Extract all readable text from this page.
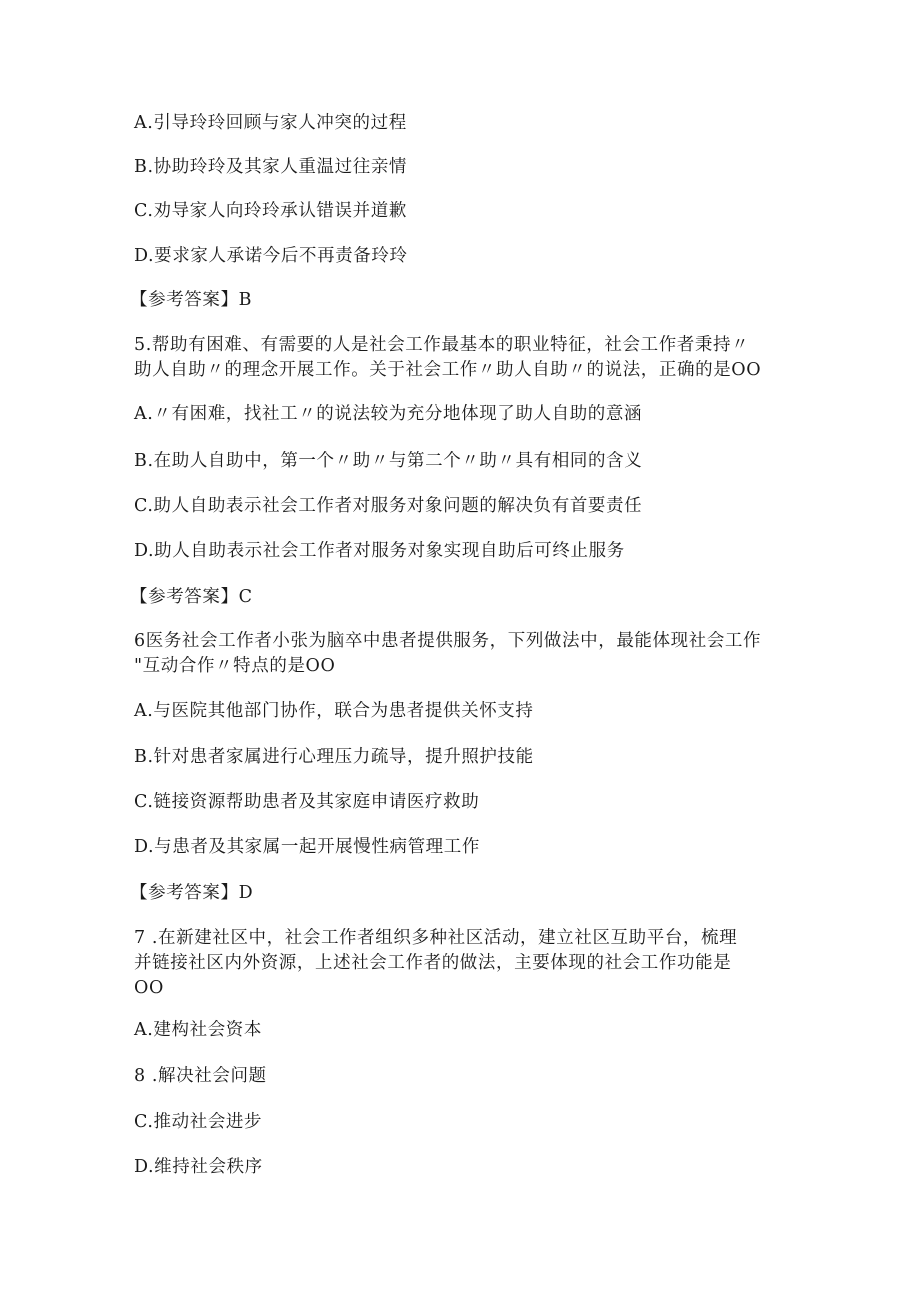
A.引导玲玲回顾与家人冲突的过程
B.协助玲玲及其家人重温过往亲情
C.劝导家人向玲玲承认错误并道歉
D.要求家人承诺今后不再责备玲玲
【参考答案】B
5.帮助有困难、有需要的人是社会工作最基本的职业特征，社会工作者秉持〃
助人自助〃的理念开展工作。关于社会工作〃助人自助〃的说法，正确的是OO
A.〃有困难，找社工〃的说法较为充分地体现了助人自助的意涵
B.在助人自助中，第一个〃助〃与第二个〃助〃具有相同的含义
C.助人自助表示社会工作者对服务对象问题的解决负有首要责任
D.助人自助表示社会工作者对服务对象实现自助后可终止服务
【参考答案】C
6医务社会工作者小张为脑卒中患者提供服务，下列做法中，最能体现社会工作
"互动合作〃特点的是OO
A.与医院其他部门协作，联合为患者提供关怀支持
B.针对患者家属进行心理压力疏导，提升照护技能
C.链接资源帮助患者及其家庭申请医疗救助
D.与患者及其家属一起开展慢性病管理工作
【参考答案】D
7 .在新建社区中，社会工作者组织多种社区活动，建立社区互助平台，梳理
并链接社区内外资源，上述社会工作者的做法，主要体现的社会工作功能是
OO
A.建构社会资本
8 .解决社会问题
C.推动社会进步
D.维持社会秩序
